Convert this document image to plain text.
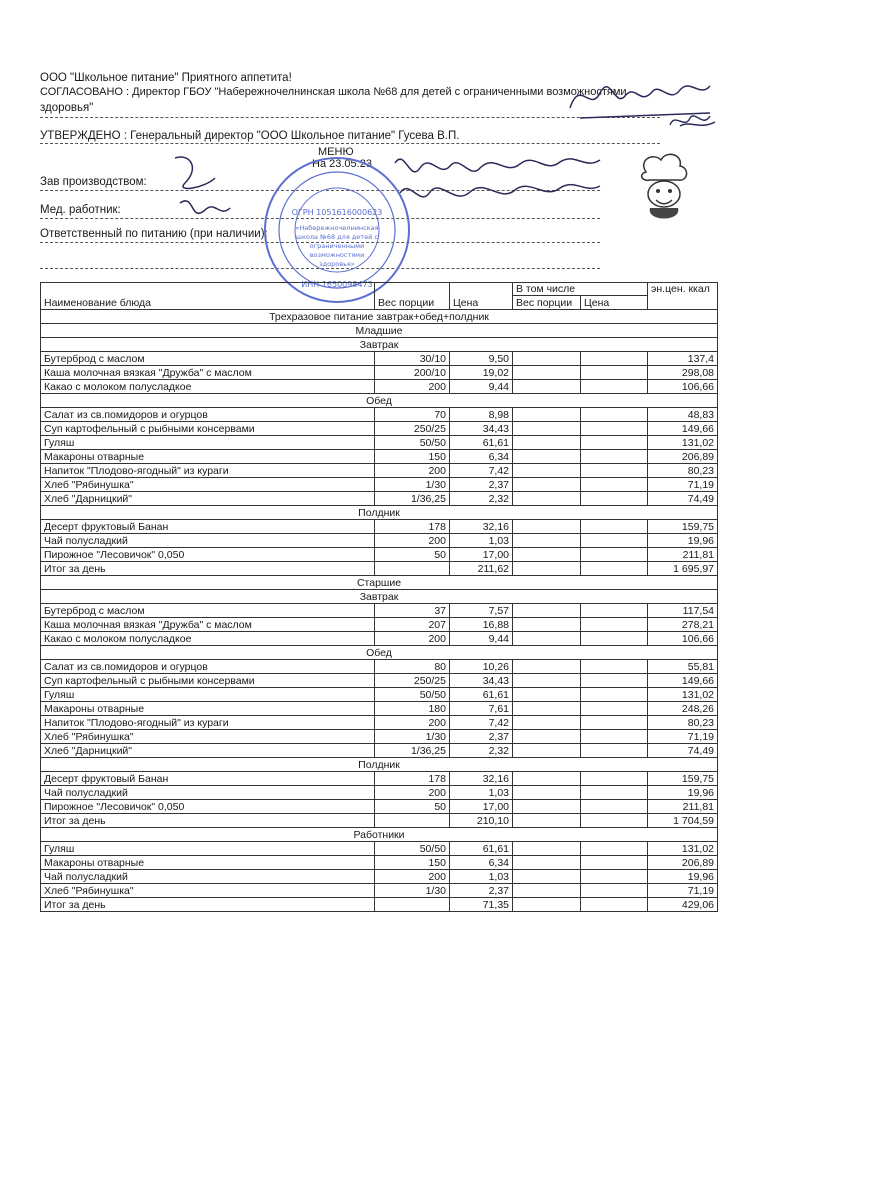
ООО "Школьное питание" Приятного аппетита!
СОГЛАСОВАНО : Директор ГБОУ "Набережночелнинская школа №68 для детей с ограниченными возможностями
здоровья"
УТВЕРЖДЕНО : Генеральный директор "ООО Школьное питание" Гусева В.П.
МЕНЮ
На 23.05.23
Зав производством:
Мед. работник:
Ответственный по питанию (при наличии):
ОГРН 1051616000623
ИНН 1650098473
«Набережночелнинская
школа №68 для детей с
ограниченными
возможностями
здоровья»
Наименование блюда	Вес порции	Цена	В том числе		эн.цен. ккал
			Вес порции	Цена	

Трехразовое питание завтрак+обед+полдник					
Младшие					
Завтрак					
Бутерброд с маслом	30/10	9,50			137,4
Каша молочная вязкая "Дружба" с маслом	200/10	19,02			298,08
Какао с молоком полусладкое	200	9,44			106,66
Обед					
Салат из св.помидоров и огурцов	70	8,98			48,83
Суп картофельный с рыбными консервами	250/25	34,43			149,66
Гуляш	50/50	61,61			131,02
Макароны отварные	150	6,34			206,89
Напиток "Плодово-ягодный" из кураги	200	7,42			80,23
Хлеб "Рябинушка"	1/30	2,37			71,19
Хлеб "Дарницкий"	1/36,25	2,32			74,49
Полдник					
Десерт фруктовый Банан	178	32,16			159,75
Чай полусладкий	200	1,03			19,96
Пирожное "Лесовичок" 0,050	50	17,00			211,81
Итог за день		211,62			1 695,97
Старшие					
Завтрак					
Бутерброд с маслом	37	7,57			117,54
Каша молочная вязкая "Дружба" с маслом	207	16,88			278,21
Какао с молоком полусладкое	200	9,44			106,66
Обед					
Салат из св.помидоров и огурцов	80	10,26			55,81
Суп картофельный с рыбными консервами	250/25	34,43			149,66
Гуляш	50/50	61,61			131,02
Макароны отварные	180	7,61			248,26
Напиток "Плодово-ягодный" из кураги	200	7,42			80,23
Хлеб "Рябинушка"	1/30	2,37			71,19
Хлеб "Дарницкий"	1/36,25	2,32			74,49
Полдник					
Десерт фруктовый Банан	178	32,16			159,75
Чай полусладкий	200	1,03			19,96
Пирожное "Лесовичок" 0,050	50	17,00			211,81
Итог за день		210,10			1 704,59
Работники					
Гуляш	50/50	61,61			131,02
Макароны отварные	150	6,34			206,89
Чай полусладкий	200	1,03			19,96
Хлеб "Рябинушка"	1/30	2,37			71,19
Итог за день		71,35			429,06
